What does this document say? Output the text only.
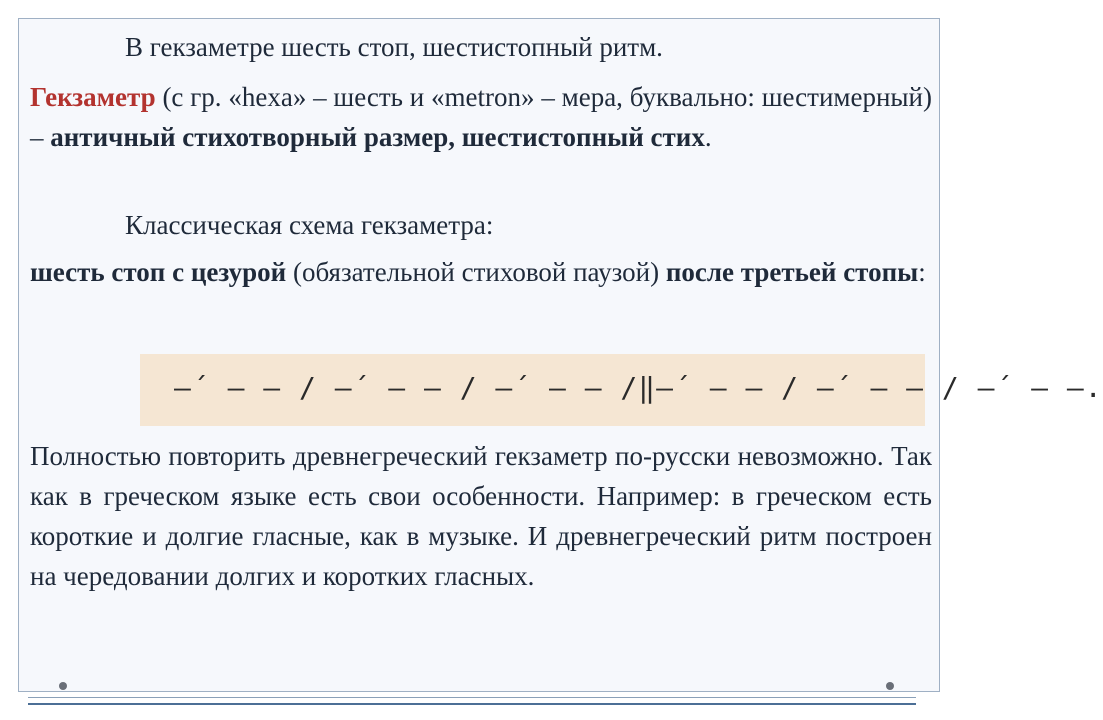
В гекзаметре шесть стоп, шестистопный ритм.

Гекзаметр (с гр. «hexa» – шесть и «metron» – мера, буквально: шестимерный) – античный стихотворный размер, шестистопный стих.

Классическая схема гекзаметра:

шесть стоп с цезурой (обязательной стиховой паузой) после третьей стопы:

–´ – – / –´ – – / –´ – – /‖–´ – – / –´ – – / –´ – –.

Полностью повторить древнегреческий гекзаметр по-русски невозможно. Так как в греческом языке есть свои особенности. Например: в греческом есть короткие и долгие гласные, как в музыке. И древнегреческий ритм построен на чередовании долгих и коротких гласных.
